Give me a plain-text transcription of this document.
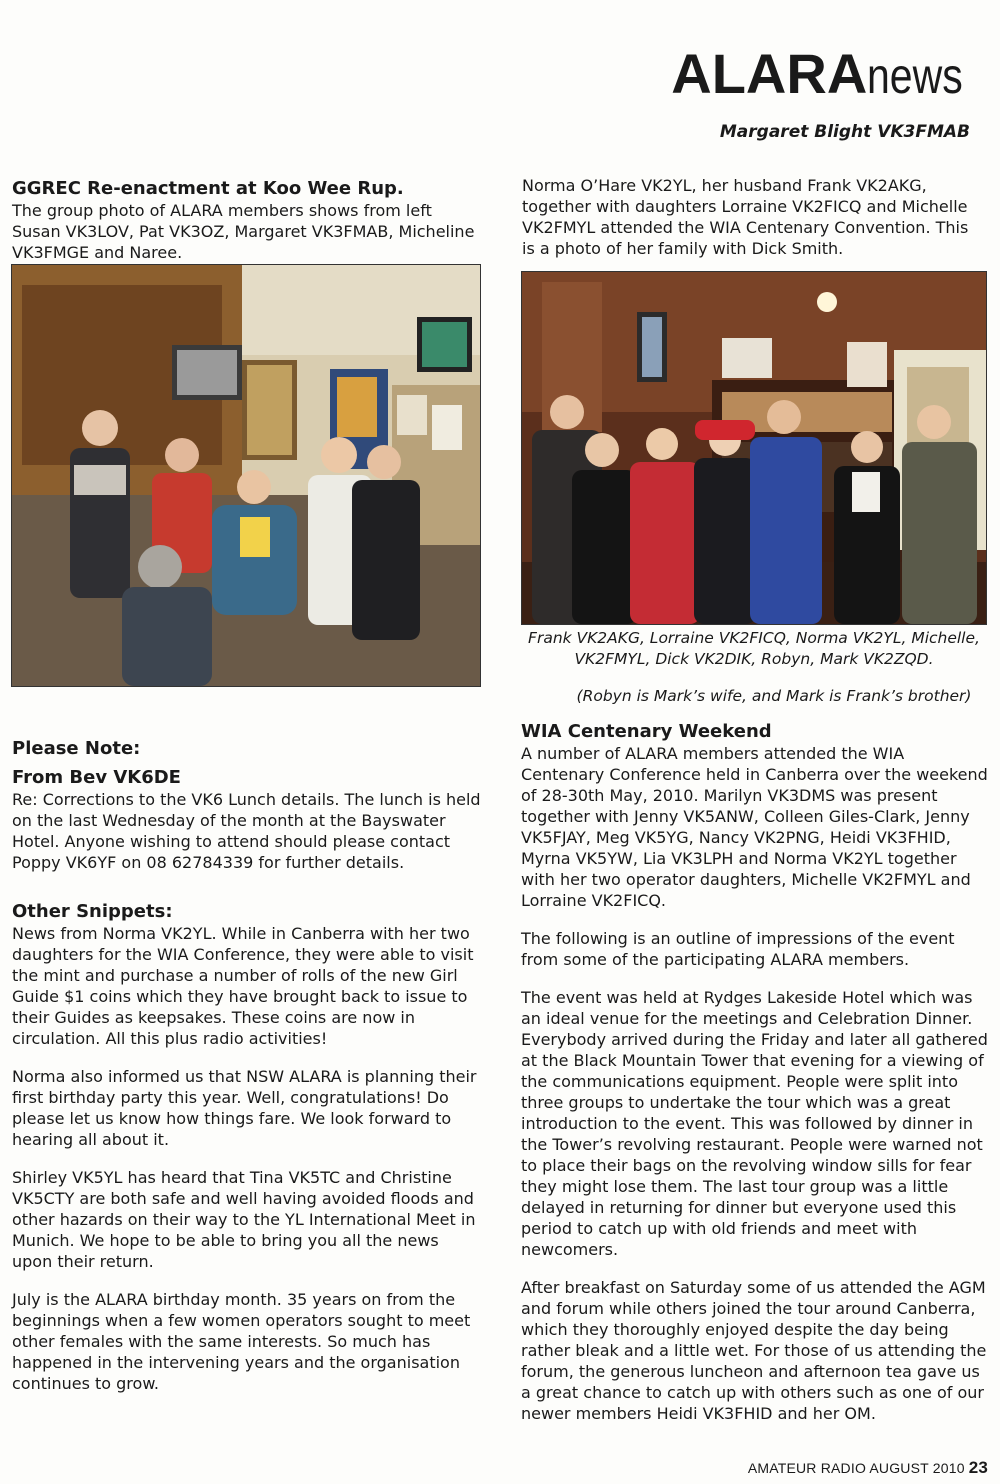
ALARAnews
Margaret Blight VK3FMAB
GGREC Re-enactment at Koo Wee Rup.

The group photo of ALARA members shows from left Susan VK3LOV, Pat VK3OZ, Margaret VK3FMAB, Micheline VK3FMGE and Naree.

Please Note:
From Bev VK6DE

Re: Corrections to the VK6 Lunch details. The lunch is held on the last Wednesday of the month at the Bayswater Hotel. Anyone wishing to attend should please contact Poppy VK6YF on 08 62784339 for further details.

Other Snippets:

News from Norma VK2YL. While in Canberra with her two daughters for the WIA Conference, they were able to visit the mint and purchase a number of rolls of the new Girl Guide $1 coins which they have brought back to issue to their Guides as keepsakes. These coins are now in circulation. All this plus radio activities!

Norma also informed us that NSW ALARA is planning their first birthday party this year. Well, congratulations! Do please let us know how things fare. We look forward to hearing all about it.

Shirley VK5YL has heard that Tina VK5TC and Christine VK5CTY are both safe and well having avoided floods and other hazards on their way to the YL International Meet in Munich. We hope to be able to bring you all the news upon their return.

July is the ALARA birthday month. 35 years on from the beginnings when a few women operators sought to meet other females with the same interests. So much has happened in the intervening years and the organisation continues to grow.

Norma O’Hare VK2YL, her husband Frank VK2AKG, together with daughters Lorraine VK2FICQ and Michelle VK2FMYL attended the WIA Centenary Convention. This is a photo of her family with Dick Smith.

Frank VK2AKG, Lorraine VK2FICQ, Norma VK2YL, Michelle,
VK2FMYL, Dick VK2DIK, Robyn, Mark VK2ZQD.
(Robyn is Mark’s wife, and Mark is Frank’s brother)
WIA Centenary Weekend

A number of ALARA members attended the WIA Centenary Conference held in Canberra over the weekend of 28-30th May, 2010. Marilyn VK3DMS was present together with Jenny VK5ANW, Colleen Giles-Clark, Jenny VK5FJAY, Meg VK5YG, Nancy VK2PNG, Heidi VK3FHID, Myrna VK5YW, Lia VK3LPH and Norma VK2YL together with her two operator daughters, Michelle VK2FMYL and Lorraine VK2FICQ.

The following is an outline of impressions of the event from some of the participating ALARA members.

The event was held at Rydges Lakeside Hotel which was an ideal venue for the meetings and Celebration Dinner. Everybody arrived during the Friday and later all gathered at the Black Mountain Tower that evening for a viewing of the communications equipment. People were split into three groups to undertake the tour which was a great introduction to the event. This was followed by dinner in the Tower’s revolving restaurant. People were warned not to place their bags on the revolving window sills for fear they might lose them. The last tour group was a little delayed in returning for dinner but everyone used this period to catch up with old friends and meet with newcomers.

After breakfast on Saturday some of us attended the AGM and forum while others joined the tour around Canberra, which they thoroughly enjoyed despite the day being rather bleak and a little wet. For those of us attending the forum, the generous luncheon and afternoon tea gave us a great chance to catch up with others such as one of our newer members Heidi VK3FHID and her OM.

AMATEUR RADIO AUGUST 2010 23
